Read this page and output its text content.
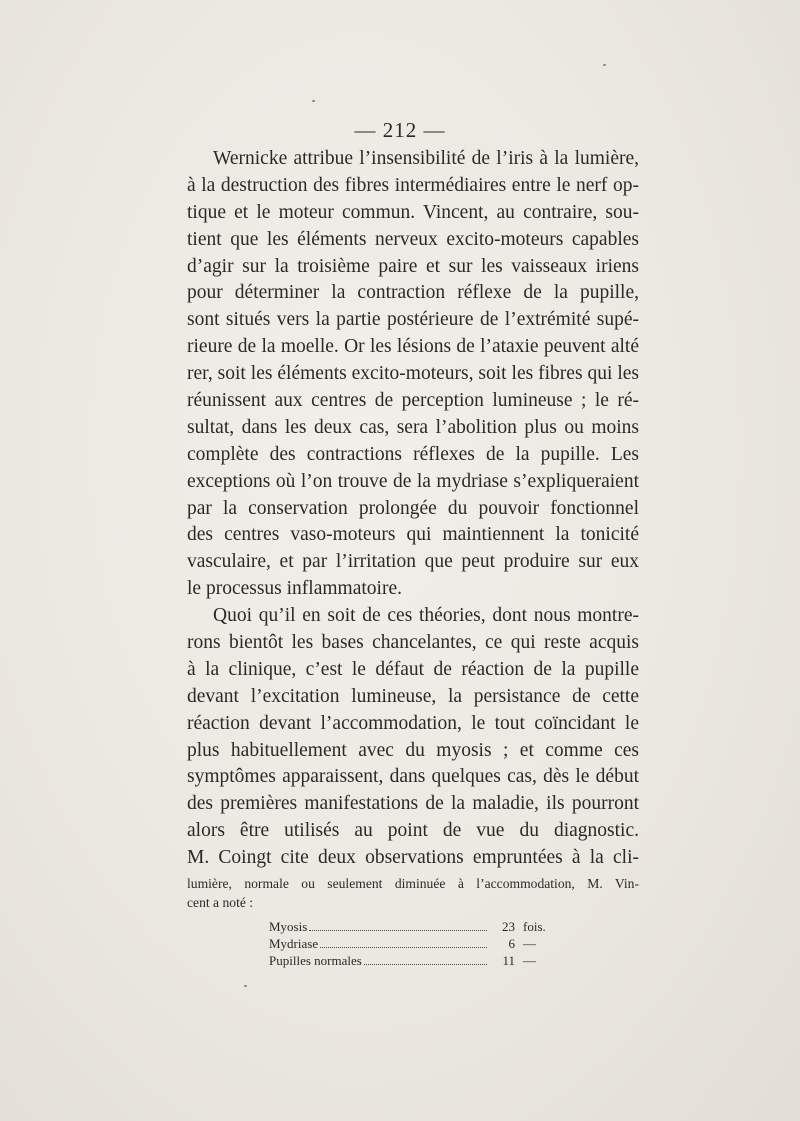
— 212 —
Wernicke attribue l’insensibilité de l’iris à la lumière,
à la destruction des fibres intermédiaires entre le nerf op-
tique et le moteur commun. Vincent, au contraire, sou-
tient que les éléments nerveux excito-moteurs capables
d’agir sur la troisième paire et sur les vaisseaux iriens
pour déterminer la contraction réflexe de la pupille,
sont situés vers la partie postérieure de l’extrémité supé-
rieure de la moelle. Or les lésions de l’ataxie peuvent alté
rer, soit les éléments excito-moteurs, soit les fibres qui les
réunissent aux centres de perception lumineuse ; le ré-
sultat, dans les deux cas, sera l’abolition plus ou moins
complète des contractions réflexes de la pupille. Les
exceptions où l’on trouve de la mydriase s’expliqueraient
par la conservation prolongée du pouvoir fonctionnel
des centres vaso-moteurs qui maintiennent la tonicité
vasculaire, et par l’irritation que peut produire sur eux
le processus inflammatoire.
Quoi qu’il en soit de ces théories, dont nous montre-
rons bientôt les bases chancelantes, ce qui reste acquis
à la clinique, c’est le défaut de réaction de la pupille
devant l’excitation lumineuse, la persistance de cette
réaction devant l’accommodation, le tout coïncidant le
plus habituellement avec du myosis ; et comme ces
symptômes apparaissent, dans quelques cas, dès le début
des premières manifestations de la maladie, ils pourront
alors être utilisés au point de vue du diagnostic.
M. Coingt cite deux observations empruntées à la cli-
lumière, normale ou seulement diminuée à l’accommodation, M. Vin-
cent a noté :
Myosis	23 fois.
Mydriase	6 —
Pupilles normales	11 —
